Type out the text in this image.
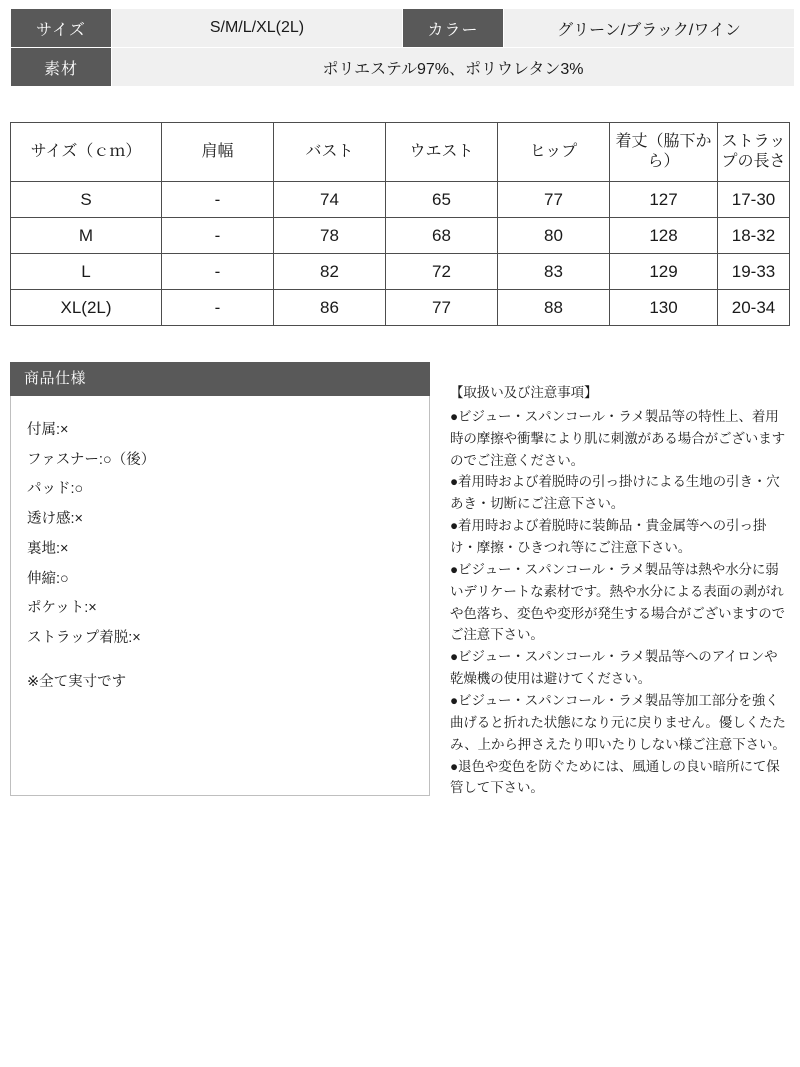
サイズ	S/M/L/XL(2L)	カラー	グリーン/ブラック/ワイン
素材	ポリエステル97%、ポリウレタン3%		
サイズ（ｃｍ）	肩幅	バスト	ウエスト	ヒップ	着丈（脇下から）	ストラップの長さ
S	-	74	65	77	127	17-30
M	-	78	68	80	128	18-32
L	-	82	72	83	129	19-33
XL(2L)	-	86	77	88	130	20-34
商品仕様
付属:×
ファスナー:○（後）
パッド:○
透け感:×
裏地:×
伸縮:○
ポケット:×
ストラップ着脱:×
※全て実寸です
【取扱い及び注意事項】
●ビジュー・スパンコール・ラメ製品等の特性上、着用時の摩擦や衝撃により肌に刺激がある場合がございますのでご注意ください。
●着用時および着脱時の引っ掛けによる生地の引き・穴あき・切断にご注意下さい。
●着用時および着脱時に装飾品・貴金属等への引っ掛け・摩擦・ひきつれ等にご注意下さい。
●ビジュー・スパンコール・ラメ製品等は熱や水分に弱いデリケートな素材です。熱や水分による表面の剥がれや色落ち、変色や変形が発生する場合がございますのでご注意下さい。
●ビジュー・スパンコール・ラメ製品等へのアイロンや乾燥機の使用は避けてください。
●ビジュー・スパンコール・ラメ製品等加工部分を強く曲げると折れた状態になり元に戻りません。優しくたたみ、上から押さえたり叩いたりしない様ご注意下さい。
●退色や変色を防ぐためには、風通しの良い暗所にて保管して下さい。
